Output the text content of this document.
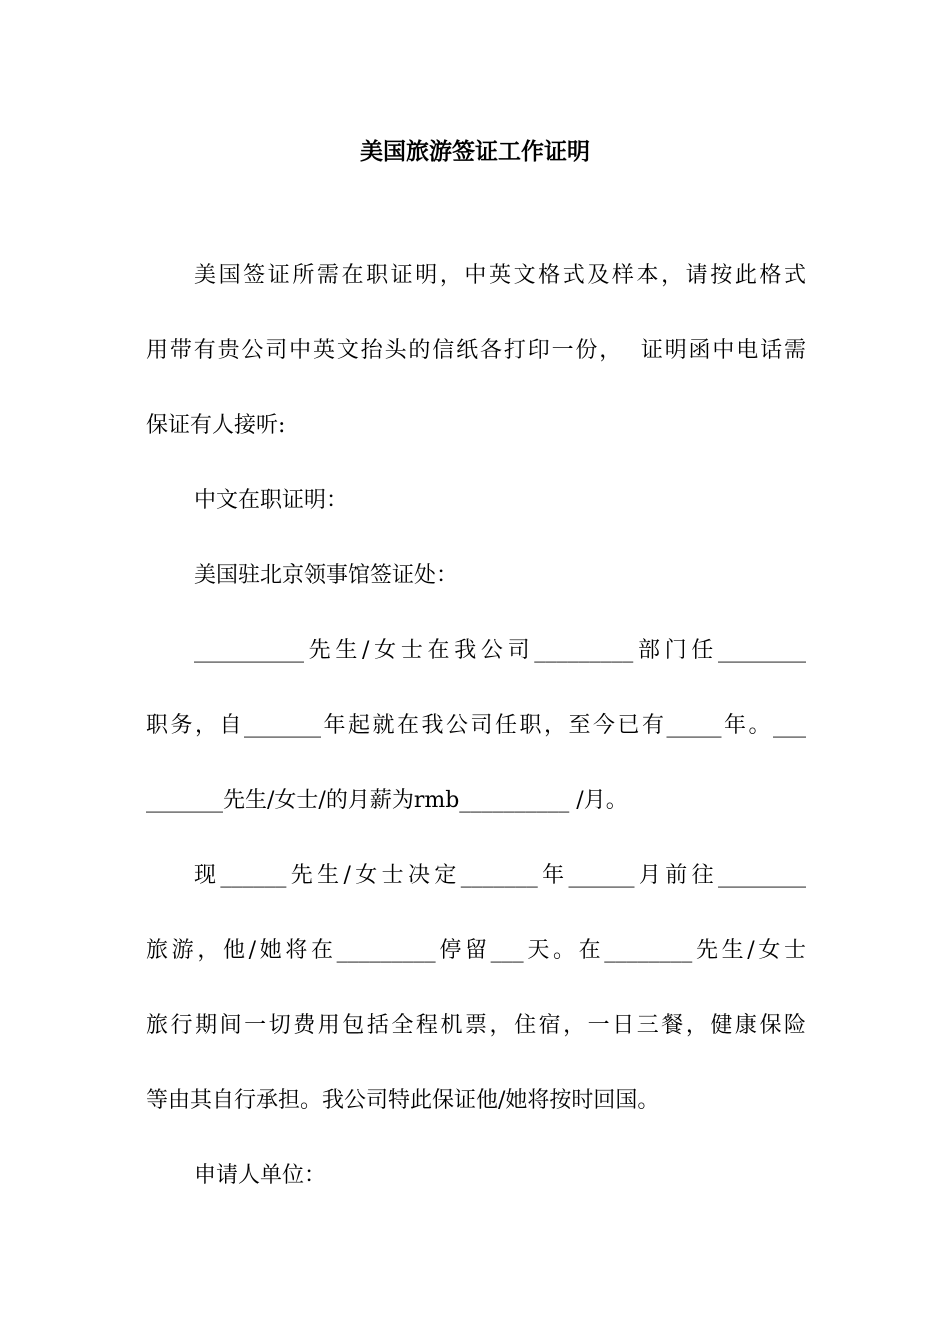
美国旅游签证工作证明
美国签证所需在职证明，中英文格式及样本，请按此格式
用带有贵公司中英文抬头的信纸各打印一份，  证明函中电话需
保证有人接听:
中文在职证明：
美国驻北京领事馆签证处：
__________先生/女士在我公司_________部门任________
职务，自_______年起就在我公司任职，至今已有_____年。___
_______先生/女士/的月薪为rmb__________ /月。
现______先生/女士决定_______年______月前往________
旅游，他/她将在_________停留___天。在________先生/女士
旅行期间一切费用包括全程机票，住宿，一日三餐，健康保险
等由其自行承担。我公司特此保证他/她将按时回国。
申请人单位：
